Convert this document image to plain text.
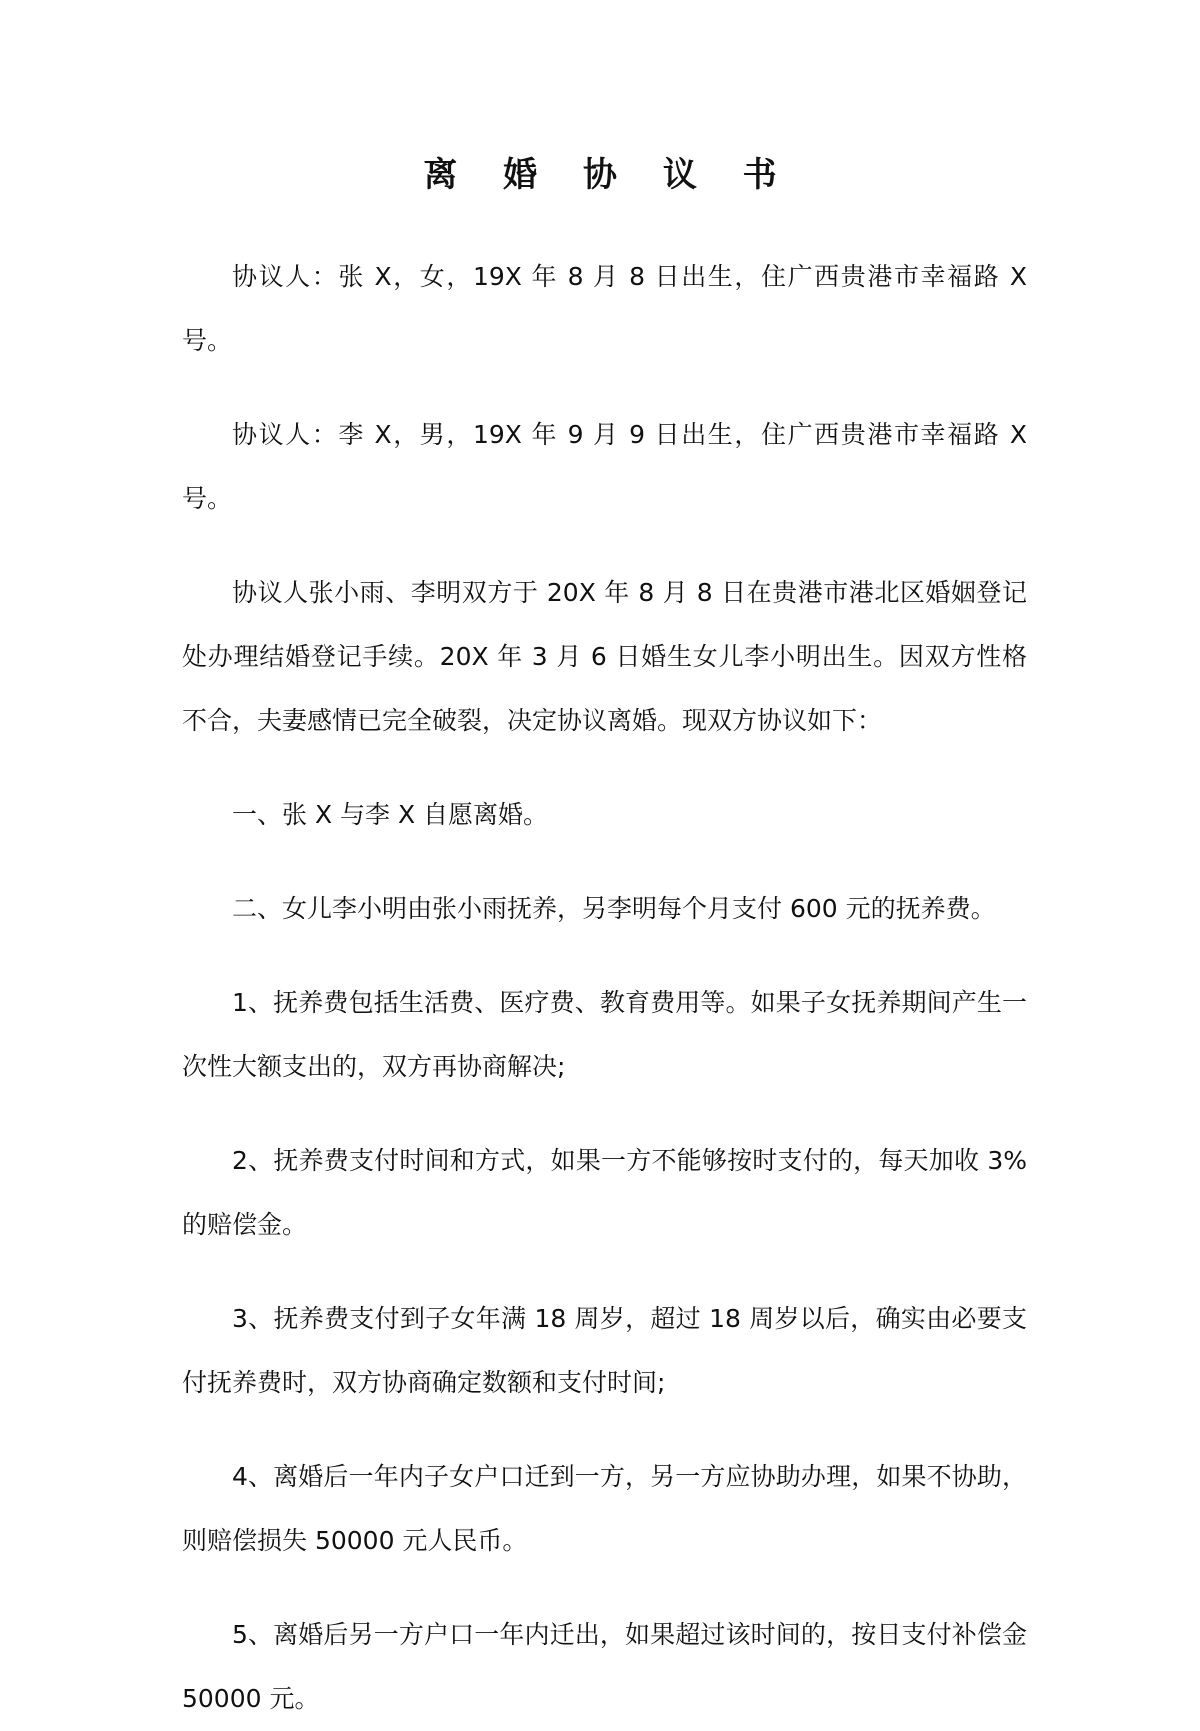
离 婚 协 议 书

协议人：张 X，女，19X 年 8 月 8 日出生，住广西贵港市幸福路 X 号。

协议人：李 X，男，19X 年 9 月 9 日出生，住广西贵港市幸福路 X 号。

协议人张小雨、李明双方于 20X 年 8 月 8 日在贵港市港北区婚姻登记处办理结婚登记手续。20X 年 3 月 6 日婚生女儿李小明出生。因双方性格不合，夫妻感情已完全破裂，决定协议离婚。现双方协议如下：

一、张 X 与李 X 自愿离婚。

二、女儿李小明由张小雨抚养，另李明每个月支付 600 元的抚养费。

1、抚养费包括生活费、医疗费、教育费用等。如果子女抚养期间产生一次性大额支出的，双方再协商解决;

2、抚养费支付时间和方式，如果一方不能够按时支付的，每天加收 3%的赔偿金。

3、抚养费支付到子女年满 18 周岁，超过 18 周岁以后，确实由必要支付抚养费时，双方协商确定数额和支付时间;

4、离婚后一年内子女户口迁到一方，另一方应协助办理，如果不协助，则赔偿损失 50000 元人民币。

5、离婚后另一方户口一年内迁出，如果超过该时间的，按日支付补偿金 50000 元。
